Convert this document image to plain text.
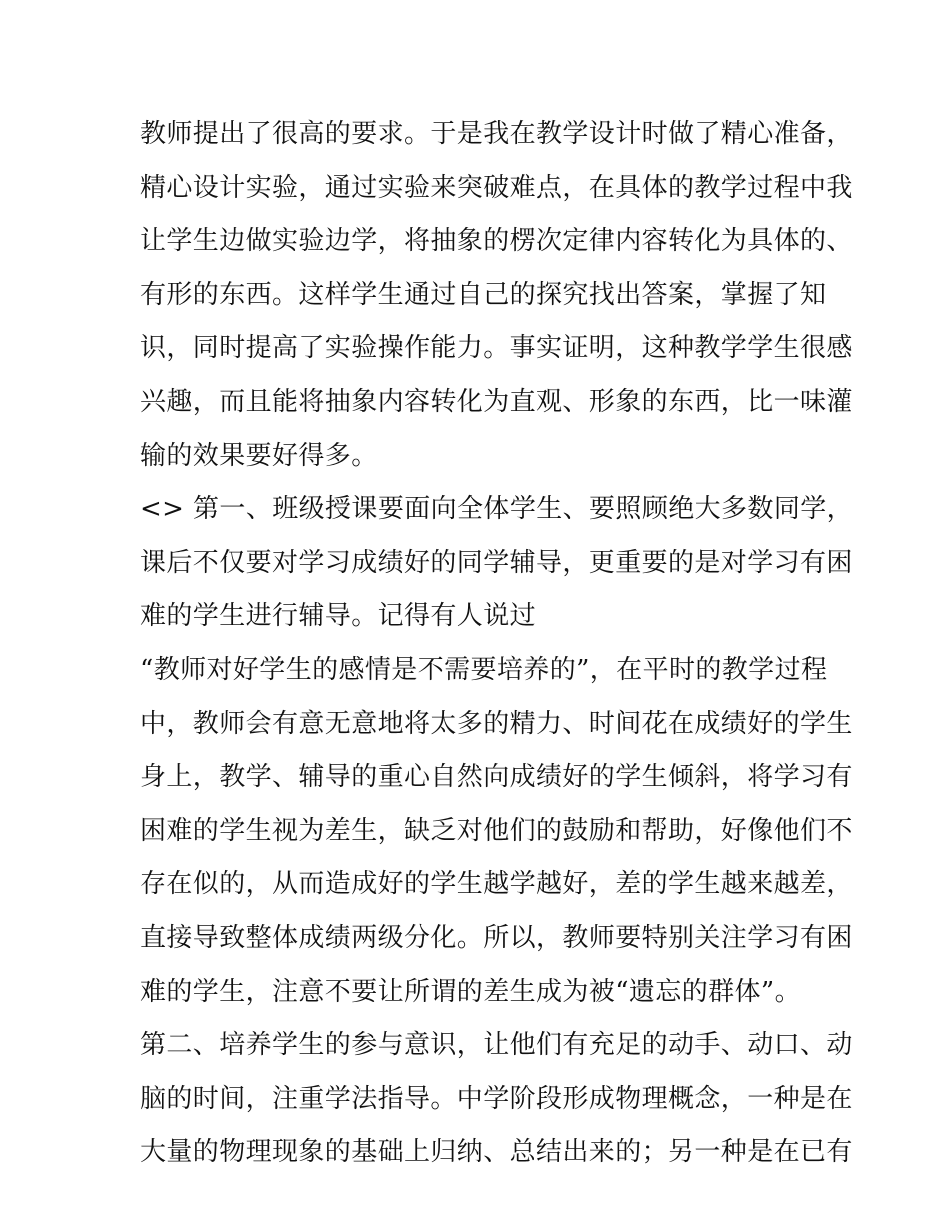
教师提出了很高的要求。于是我在教学设计时做了精心准备，
精心设计实验，通过实验来突破难点，在具体的教学过程中我
让学生边做实验边学，将抽象的楞次定律内容转化为具体的、
有形的东西。这样学生通过自己的探究找出答案，掌握了知
识，同时提高了实验操作能力。事实证明，这种教学学生很感
兴趣，而且能将抽象内容转化为直观、形象的东西，比一味灌
输的效果要好得多。
<> 第一、班级授课要面向全体学生、要照顾绝大多数同学，
课后不仅要对学习成绩好的同学辅导，更重要的是对学习有困
难的学生进行辅导。记得有人说过
“教师对好学生的感情是不需要培养的”，在平时的教学过程
中，教师会有意无意地将太多的精力、时间花在成绩好的学生
身上，教学、辅导的重心自然向成绩好的学生倾斜，将学习有
困难的学生视为差生，缺乏对他们的鼓励和帮助，好像他们不
存在似的，从而造成好的学生越学越好，差的学生越来越差，
直接导致整体成绩两级分化。所以，教师要特别关注学习有困
难的学生，注意不要让所谓的差生成为被“遗忘的群体”。
第二、培养学生的参与意识，让他们有充足的动手、动口、动
脑的时间，注重学法指导。中学阶段形成物理概念，一种是在
大量的物理现象的基础上归纳、总结出来的；另一种是在已有
